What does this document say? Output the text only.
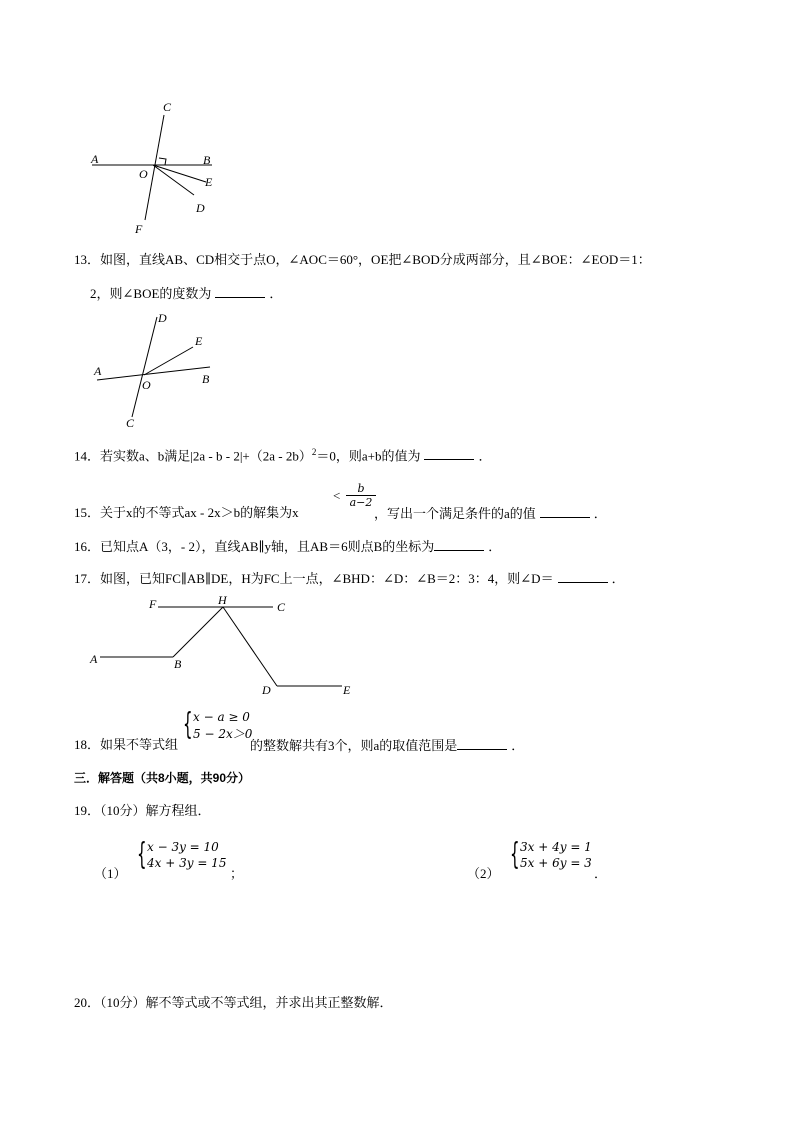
C
A	B
O
E
D
F
13．如图，直线AB、CD相交于点O，∠AOC＝60°，OE把∠BOD分成两部分，且∠BOE：∠EOD＝1：
2，则∠BOE的度数为	．
D
E
A
O	B
C
14．若实数a、b满足|2a - b - 2|+（2a - 2b）$^2$＝0，则a+b的值为	．
15．关于x的不等式ax - 2x＞b的解集为x
< $\frac{b}{a-2}$
，写出一个满足条件的a的值	．
16．已知点A（3，- 2），直线AB∥y轴，且AB＝6则点B的坐标为	．
17．如图，已知FC∥AB∥DE，H为FC上一点，∠BHD：∠D：∠B＝2：3：4，则∠D＝	．
F	H	C
A	B
D	E
18．如果不等式组
{ x − a ≥ 0
5 − 2x＞0
的整数解共有3个，则a的取值范围是	．
三．解答题（共8小题，共90分）
19．（10分）解方程组．
（1）
{ x − 3y = 10
4x + 3y = 15
；	（2）
{ 3x + 4y = 1
5x + 6y = 3
．
20．（10分）解不等式或不等式组，并求出其正整数解．
